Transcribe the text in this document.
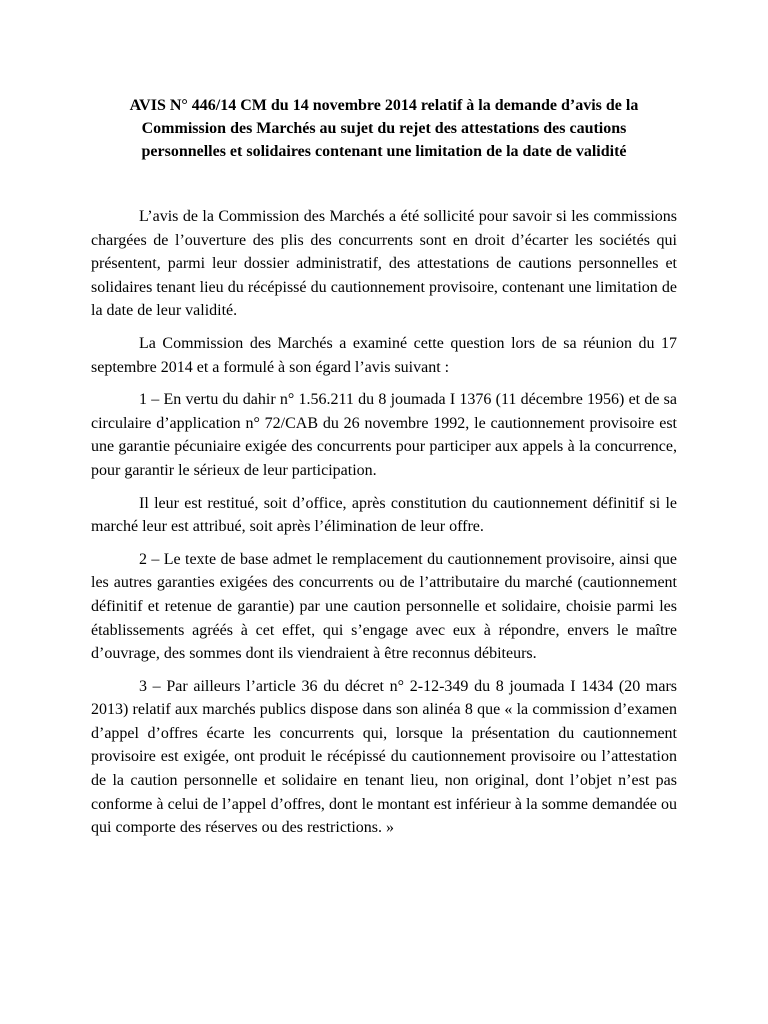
AVIS N° 446/14 CM du 14 novembre 2014 relatif à la demande d’avis de la
Commission des Marchés au sujet du rejet des attestations des cautions
personnelles et solidaires contenant une limitation de la date de validité

L’avis de la Commission des Marchés a été sollicité pour savoir si les commissions chargées de l’ouverture des plis des concurrents sont en droit d’écarter les sociétés qui présentent, parmi leur dossier administratif, des attestations de cautions personnelles et solidaires tenant lieu du récépissé du cautionnement provisoire, contenant une limitation de la date de leur validité.

La Commission des Marchés a examiné cette question lors de sa réunion du 17 septembre 2014 et a formulé à son égard l’avis suivant :

1 – En vertu du dahir n° 1.56.211 du 8 joumada I 1376 (11 décembre 1956) et de sa circulaire d’application n° 72/CAB du 26 novembre 1992, le cautionnement provisoire est une garantie pécuniaire exigée des concurrents pour participer aux appels à la concurrence, pour garantir le sérieux de leur participation.

Il leur est restitué, soit d’office, après constitution du cautionnement définitif si le marché leur est attribué, soit après l’élimination de leur offre.

2 – Le texte de base admet le remplacement du cautionnement provisoire, ainsi que les autres garanties exigées des concurrents ou de l’attributaire du marché (cautionnement définitif et retenue de garantie) par une caution personnelle et solidaire, choisie parmi les établissements agréés à cet effet, qui s’engage avec eux à répondre, envers le maître d’ouvrage, des sommes dont ils viendraient à être reconnus débiteurs.

3 – Par ailleurs l’article 36 du décret n° 2-12-349 du 8 joumada I 1434 (20 mars 2013) relatif aux marchés publics dispose dans son alinéa 8 que « la commission d’examen d’appel d’offres écarte les concurrents qui, lorsque la présentation du cautionnement provisoire est exigée, ont produit le récépissé du cautionnement provisoire ou l’attestation de la caution personnelle et solidaire en tenant lieu, non original, dont l’objet n’est pas conforme à celui de l’appel d’offres, dont le montant est inférieur à la somme demandée ou qui comporte des réserves ou des restrictions. »
